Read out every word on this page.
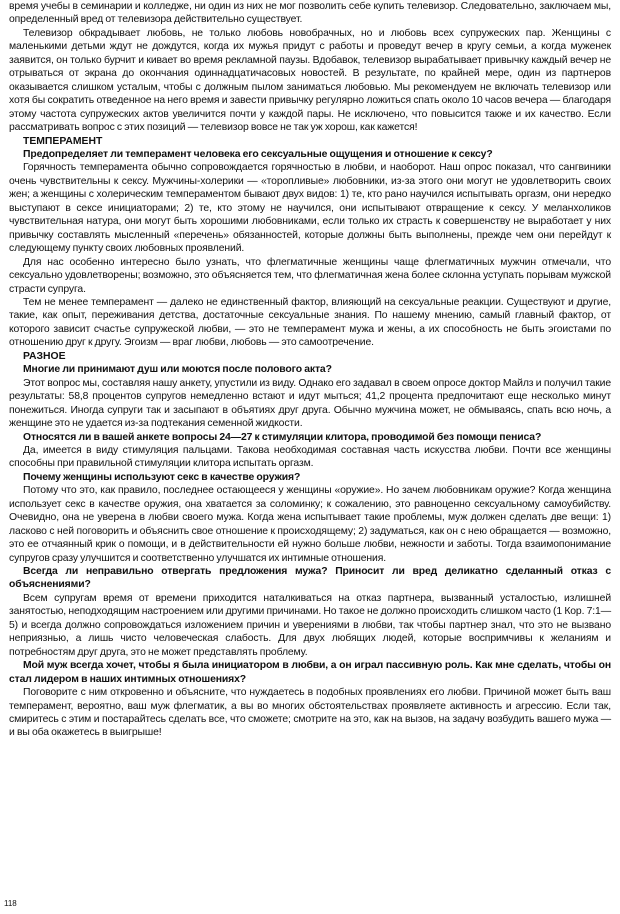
время учебы в семинарии и колледже, ни один из них не мог позволить себе купить телевизор. Следовательно, заключаем мы, определенный вред от телевизора действительно существует.

Телевизор обкрадывает любовь, не только любовь новобрачных, но и любовь всех супружеских пар. Женщины с маленькими детьми ждут не дождутся, когда их мужья придут с работы и проведут вечер в кругу семьи, а когда муженек заявится, он только бурчит и кивает во время рекламной паузы. Вдобавок, телевизор вырабатывает привычку каждый вечер не отрываться от экрана до окончания одиннадцатичасовых новостей. В результате, по крайней мере, один из партнеров оказывается слишком усталым, чтобы с должным пылом заниматься любовью. Мы рекомендуем не включать телевизор или хотя бы сократить отведенное на него время и завести привычку регулярно ложиться спать около 10 часов вечера — благодаря этому частота супружеских актов увеличится почти у каждой пары. Не исключено, что повысится также и их качество. Если рассматривать вопрос с этих позиций — телевизор вовсе не так уж хорош, как кажется!

ТЕМПЕРАМЕНТ

Предопределяет ли темперамент человека его сексуальные ощущения и отношение к сексу?

Горячность темперамента обычно сопровождается горячностью в любви, и наоборот. Наш опрос показал, что сангвиники очень чувствительны к сексу. Мужчины-холерики — «торопливые» любовники, из-за этого они могут не удовлетворить своих жен; а женщины с холерическим темпераментом бывают двух видов: 1) те, кто рано научился испытывать оргазм, они нередко выступают в сексе инициаторами; 2) те, кто этому не научился, они испытывают отвращение к сексу. У меланхоликов чувствительная натура, они могут быть хорошими любовниками, если только их страсть к совершенству не выработает у них привычку составлять мысленный «перечень» обязанностей, которые должны быть выполнены, прежде чем они перейдут к следующему пункту своих любовных проявлений.

Для нас особенно интересно было узнать, что флегматичные женщины чаще флегматичных мужчин отмечали, что сексуально удовлетворены; возможно, это объясняется тем, что флегматичная жена более склонна уступать порывам мужской страсти супруга.

Тем не менее темперамент — далеко не единственный фактор, влияющий на сексуальные реакции. Существуют и другие, такие, как опыт, переживания детства, достаточные сексуальные знания. По нашему мнению, самый главный фактор, от которого зависит счастье супружеской любви, — это не темперамент мужа и жены, а их способность не быть эгоистами по отношению друг к другу. Эгоизм — враг любви, любовь — это самоотречение.

РАЗНОЕ

Многие ли принимают душ или моются после полового акта?

Этот вопрос мы, составляя нашу анкету, упустили из виду. Однако его задавал в своем опросе доктор Майлз и получил такие результаты: 58,8 процентов супругов немедленно встают и идут мыться; 41,2 процента предпочитают еще несколько минут понежиться. Иногда супруги так и засыпают в объятиях друг друга. Обычно мужчина может, не обмываясь, спать всю ночь, а женщине это не удается из-за подтекания семенной жидкости.

Относятся ли в вашей анкете вопросы 24—27 к стимуляции клитора, проводимой без помощи пениса?

Да, имеется в виду стимуляция пальцами. Такова необходимая составная часть искусства любви. Почти все женщины способны при правильной стимуляции клитора испытать оргазм.

Почему женщины используют секс в качестве оружия?

Потому что это, как правило, последнее остающееся у женщины «оружие». Но зачем любовникам оружие? Когда женщина использует секс в качестве оружия, она хватается за соломинку; к сожалению, это равноценно сексуальному самоубийству. Очевидно, она не уверена в любви своего мужа. Когда жена испытывает такие проблемы, муж должен сделать две вещи: 1) ласково с ней поговорить и объяснить свое отношение к происходящему; 2) задуматься, как он с нею обращается — возможно, это ее отчаянный крик о помощи, и в действительности ей нужно больше любви, нежности и заботы. Тогда взаимопонимание супругов сразу улучшится и соответственно улучшатся их интимные отношения.

Всегда ли неправильно отвергать предложения мужа? Приносит ли вред деликатно сделанный отказ с объяснениями?

Всем супругам время от времени приходится наталкиваться на отказ партнера, вызванный усталостью, излишней занятостью, неподходящим настроением или другими причинами. Но такое не должно происходить слишком часто (1 Кор. 7:1—5) и всегда должно сопровождаться изложением причин и уверениями в любви, так чтобы партнер знал, что это не вызвано неприязнью, а лишь чисто человеческая слабость. Для двух любящих людей, которые воспримчивы к желаниям и потребностям друг друга, это не может представлять проблему.

Мой муж всегда хочет, чтобы я была инициатором в любви, а он играл пассивную роль. Как мне сделать, чтобы он стал лидером в наших интимных отношениях?

Поговорите с ним откровенно и объясните, что нуждаетесь в подобных проявлениях его любви. Причиной может быть ваш темперамент, вероятно, ваш муж флегматик, а вы во многих обстоятельствах проявляете активность и агрессию. Если так, смиритесь с этим и постарайтесь сделать все, что сможете; смотрите на это, как на вызов, на задачу возбудить вашего мужа — и вы оба окажетесь в выигрыше!

118
